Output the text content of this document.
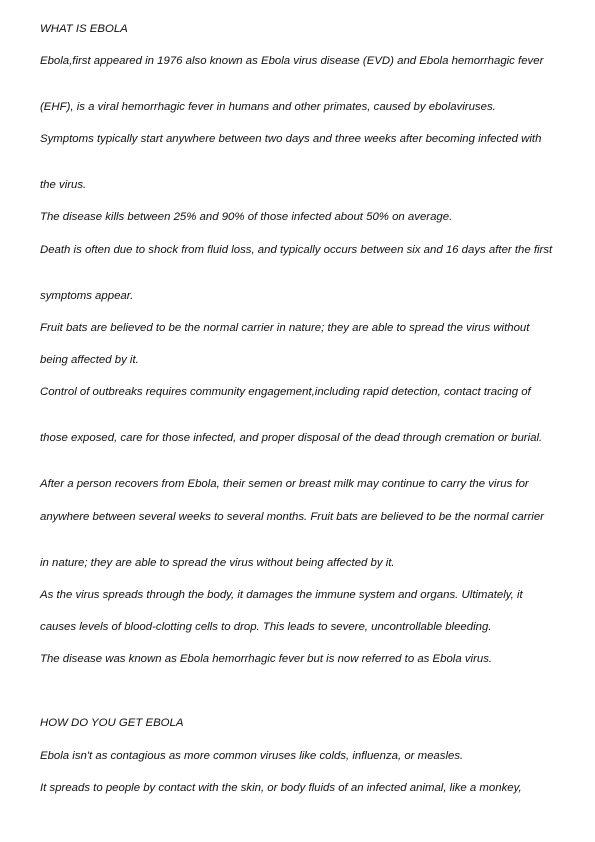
WHAT IS EBOLA
Ebola,first appeared in 1976 also known as Ebola virus disease (EVD) and Ebola hemorrhagic fever
(EHF), is a viral hemorrhagic fever in humans and other primates, caused by ebolaviruses.
Symptoms typically start anywhere between two days and three weeks after becoming infected with
the virus.
The disease kills between 25% and 90% of those infected about 50% on average.
Death is often due to shock from fluid loss, and typically occurs between six and 16 days after the first
symptoms appear.
Fruit bats are believed to be the normal carrier in nature; they are able to spread the virus without
being affected by it.
Control of outbreaks requires community engagement,including rapid detection, contact tracing of
those exposed, care for those infected, and proper disposal of the dead through cremation or burial.
After a person recovers from Ebola, their semen or breast milk may continue to carry the virus for
anywhere between several weeks to several months. Fruit bats are believed to be the normal carrier
in nature; they are able to spread the virus without being affected by it.
As the virus spreads through the body, it damages the immune system and organs. Ultimately, it
causes levels of blood-clotting cells to drop. This leads to severe, uncontrollable bleeding.
The disease was known as Ebola hemorrhagic fever but is now referred to as Ebola virus.
HOW DO YOU GET EBOLA
Ebola isn't as contagious as more common viruses like colds, influenza, or measles.
It spreads to people by contact with the skin, or body fluids of an infected animal, like a monkey,
